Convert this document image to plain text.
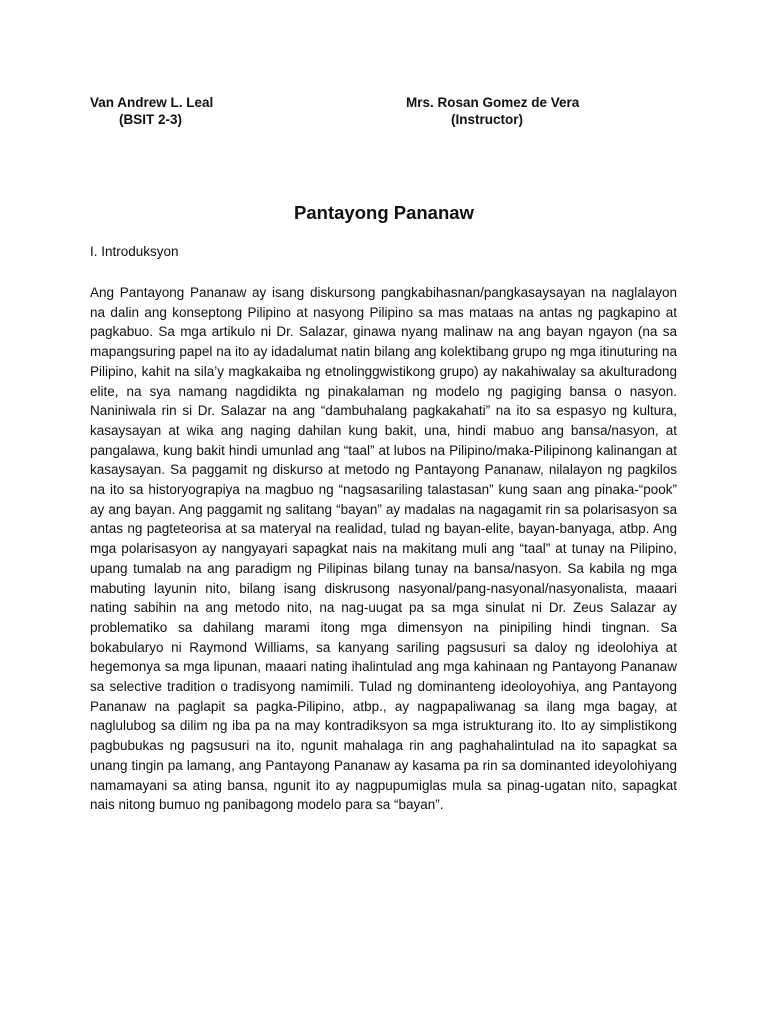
Van Andrew L. Leal
(BSIT 2-3)
Mrs. Rosan Gomez de Vera
(Instructor)
Pantayong Pananaw
I. Introduksyon

Ang Pantayong Pananaw ay isang diskursong pangkabihasnan/pangkasaysayan na naglalayon na dalin ang konseptong Pilipino at nasyong Pilipino sa mas mataas na antas ng pagkapino at pagkabuo. Sa mga artikulo ni Dr. Salazar, ginawa nyang malinaw na ang bayan ngayon (na sa mapangsuring papel na ito ay idadalumat natin bilang ang kolektibang grupo ng mga itinuturing na Pilipino, kahit na sila’y magkakaiba ng etnolinggwistikong grupo) ay nakahiwalay sa akulturadong elite, na sya namang nagdidikta ng pinakalaman ng modelo ng pagiging bansa o nasyon. Naniniwala rin si Dr. Salazar na ang “dambuhalang pagkakahati” na ito sa espasyo ng kultura, kasaysayan at wika ang naging dahilan kung bakit, una, hindi mabuo ang bansa/nasyon, at pangalawa, kung bakit hindi umunlad ang “taal” at lubos na Pilipino/maka-Pilipinong kalinangan at kasaysayan. Sa paggamit ng diskurso at metodo ng Pantayong Pananaw, nilalayon ng pagkilos na ito sa historyograpiya na magbuo ng “nagsasariling talastasan” kung saan ang pinaka-“pook” ay ang bayan. Ang paggamit ng salitang “bayan” ay madalas na nagagamit rin sa polarisasyon sa antas ng pagteteorisa at sa materyal na realidad, tulad ng bayan-elite, bayan-banyaga, atbp. Ang mga polarisasyon ay nangyayari sapagkat nais na makitang muli ang “taal” at tunay na Pilipino, upang tumalab na ang paradigm ng Pilipinas bilang tunay na bansa/nasyon. Sa kabila ng mga mabuting layunin nito, bilang isang diskrusong nasyonal/pang-nasyonal/nasyonalista, maaari nating sabihin na ang metodo nito, na nag-uugat pa sa mga sinulat ni Dr. Zeus Salazar ay problematiko sa dahilang marami itong mga dimensyon na pinipiling hindi tingnan. Sa bokabularyo ni Raymond Williams, sa kanyang sariling pagsusuri sa daloy ng ideolohiya at hegemonya sa mga lipunan, maaari nating ihalintulad ang mga kahinaan ng Pantayong Pananaw sa selective tradition o tradisyong namimili. Tulad ng dominanteng ideoloyohiya, ang Pantayong Pananaw na paglapit sa pagka-Pilipino, atbp., ay nagpapaliwanag sa ilang mga bagay, at naglulubog sa dilim ng iba pa na may kontradiksyon sa mga istrukturang ito. Ito ay simplistikong pagbubukas ng pagsusuri na ito, ngunit mahalaga rin ang paghahalintulad na ito sapagkat sa unang tingin pa lamang, ang Pantayong Pananaw ay kasama pa rin sa dominanted ideyolohiyang namamayani sa ating bansa, ngunit ito ay nagpupumiglas mula sa pinag-ugatan nito, sapagkat nais nitong bumuo ng panibagong modelo para sa “bayan”.
